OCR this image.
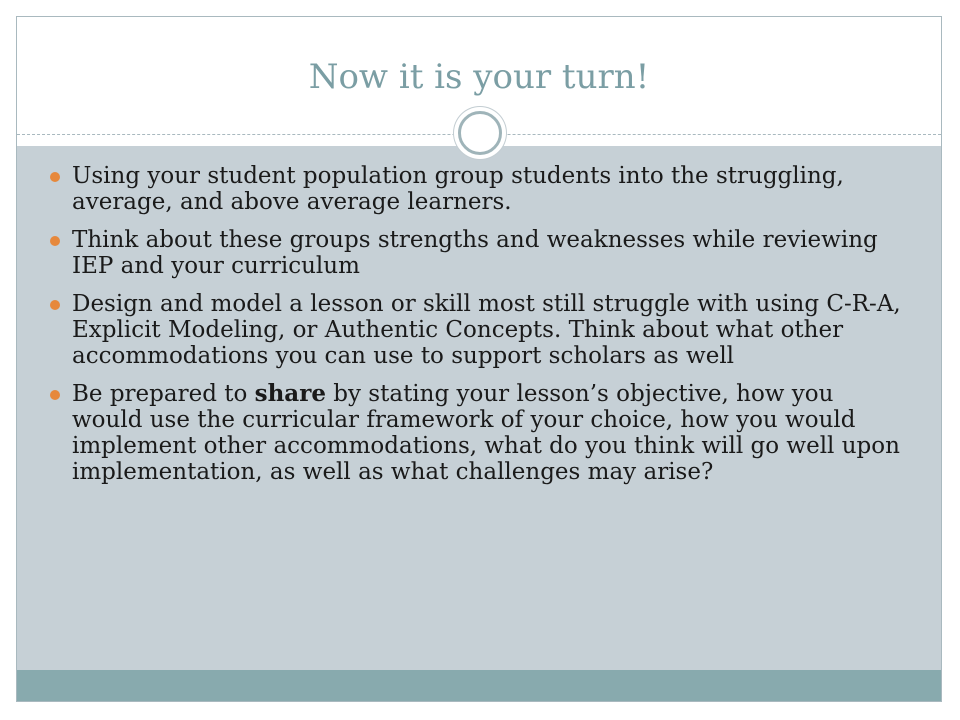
Now it is your turn!
Using your student population group students into the struggling, average, and above average learners.
Think about these groups strengths and weaknesses while reviewing IEP and your curriculum
Design and model a lesson or skill most still struggle with using C-R-A, Explicit Modeling, or Authentic Concepts. Think about what other accommodations you can use to support scholars as well
Be prepared to share by stating your lesson’s objective, how you would use the curricular framework of your choice, how you would implement other accommodations, what do you think will go well upon implementation, as well as what challenges may arise?
